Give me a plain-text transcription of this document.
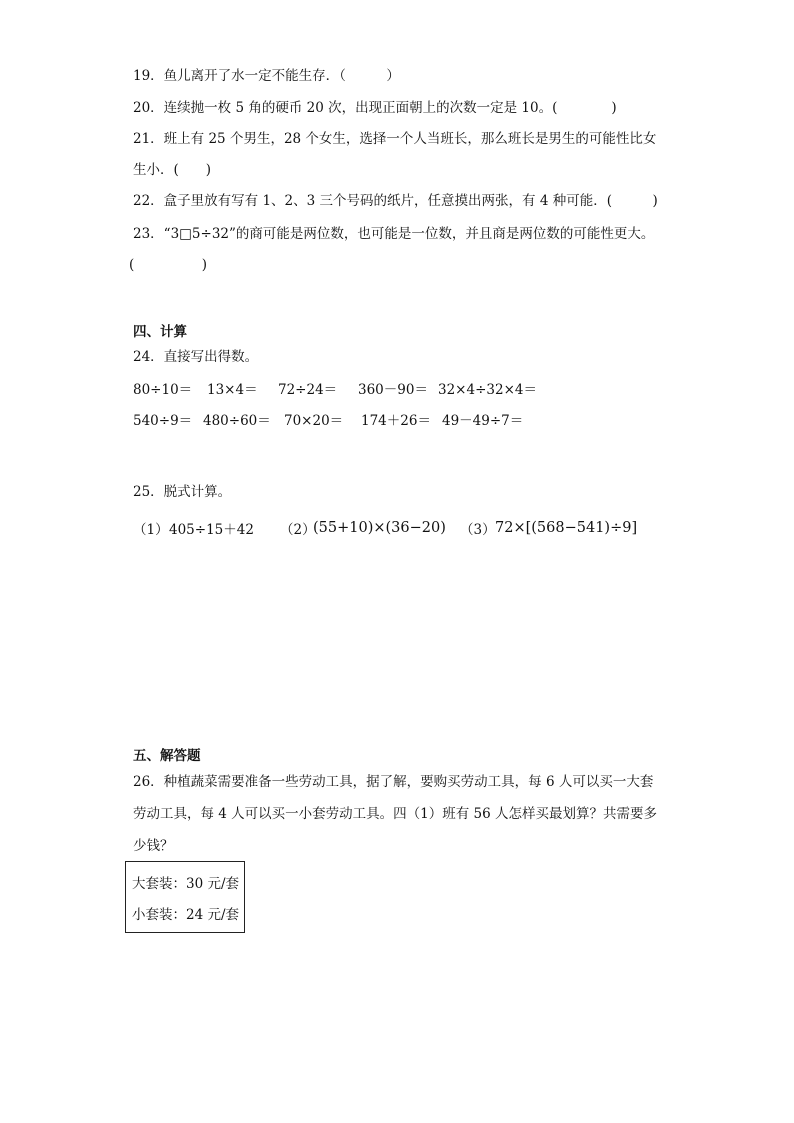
19．鱼儿离开了水一定不能生存．（　　　）
20．连续抛一枚 5 角的硬币 20 次，出现正面朝上的次数一定是 10。(　　　　)
21．班上有 25 个男生，28 个女生，选择一个人当班长，那么班长是男生的可能性比女
生小．(　　)
22．盒子里放有写有 1、2、3 三个号码的纸片，任意摸出两张，有 4 种可能．(　　　)
23．“3□5÷32”的商可能是两位数，也可能是一位数，并且商是两位数的可能性更大。
(　　　　　)
四、计算
24．直接写出得数。
80÷10＝ 13×4＝ 72÷24＝ 360－90＝ 32×4÷32×4＝
540÷9＝ 480÷60＝ 70×20＝ 174＋26＝ 49－49÷7＝
25．脱式计算。
（1） 405÷15＋42 （2）
(55+10)×(36−20) （3） 72×[(568−541)÷9]
五、解答题
26．种植蔬菜需要准备一些劳动工具，据了解，要购买劳动工具，每 6 人可以买一大套
劳动工具，每 4 人可以买一小套劳动工具。四（1）班有 56 人怎样买最划算？共需要多
少钱？
大套装：30 元/套
小套装：24 元/套
